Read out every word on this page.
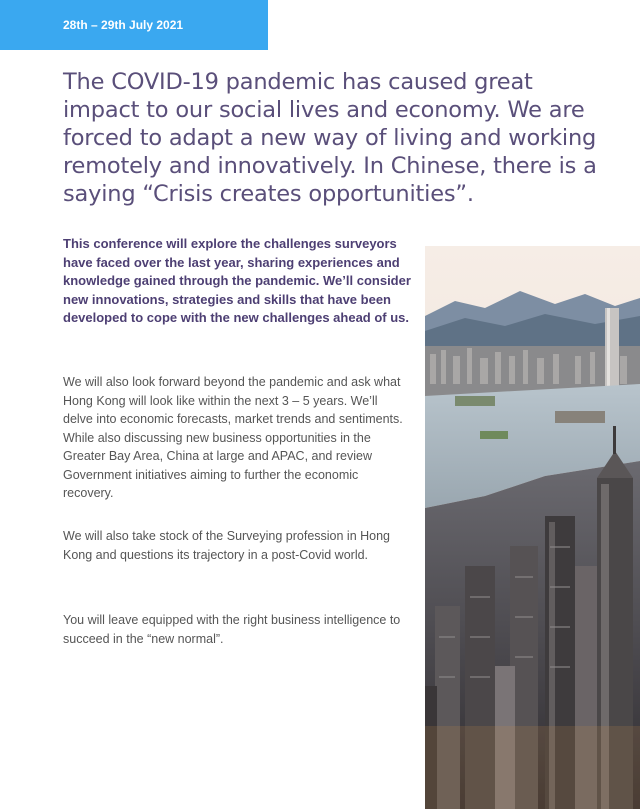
28th – 29th July 2021

The COVID-19 pandemic has caused great impact to our social lives and economy. We are forced to adapt a new way of living and working remotely and innovatively. In Chinese, there is a saying “Crisis creates opportunities”.

This conference will explore the challenges surveyors have faced over the last year, sharing experiences and knowledge gained through the pandemic. We’ll consider new innovations, strategies and skills that have been developed to cope with the new challenges ahead of us.

We will also look forward beyond the pandemic and ask what Hong Kong will look like within the next 3 – 5 years. We’ll delve into economic forecasts, market trends and sentiments. While also discussing new business opportunities in the Greater Bay Area, China at large and APAC, and review Government initiatives aiming to further the economic recovery.

We will also take stock of the Surveying profession in Hong Kong and questions its trajectory in a post-Covid world.

You will leave equipped with the right business intelligence to succeed in the “new normal”.
